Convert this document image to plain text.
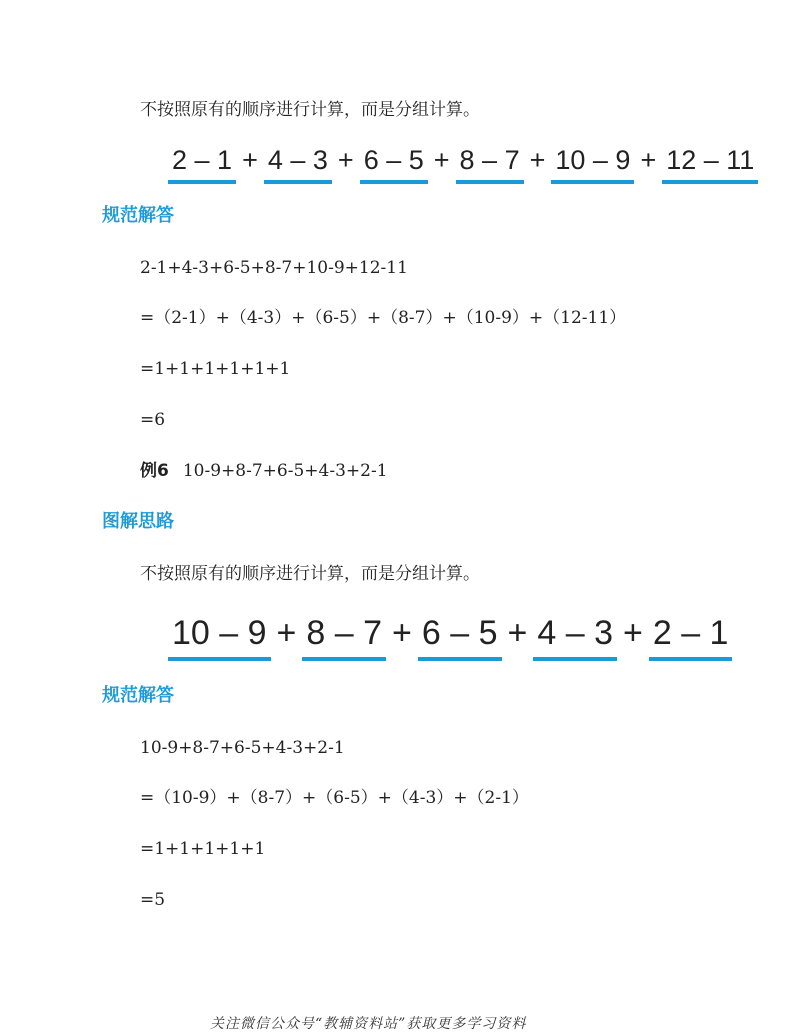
不按照原有的顺序进行计算，而是分组计算。
2 – 1 + 4 – 3 + 6 – 5 + 8 – 7 + 10 – 9 + 12 – 11
规范解答
2-1+4-3+6-5+8-7+10-9+12-11
=（2-1）+（4-3）+（6-5）+（8-7）+（10-9）+（12-11）
=1+1+1+1+1+1
=6
例6 10-9+8-7+6-5+4-3+2-1
图解思路
不按照原有的顺序进行计算，而是分组计算。
10 – 9 + 8 – 7 + 6 – 5 + 4 – 3 + 2 – 1
规范解答
10-9+8-7+6-5+4-3+2-1
=（10-9）+（8-7）+（6-5）+（4-3）+（2-1）
=1+1+1+1+1
=5
关注微信公众号“教辅资料站”获取更多学习资料
